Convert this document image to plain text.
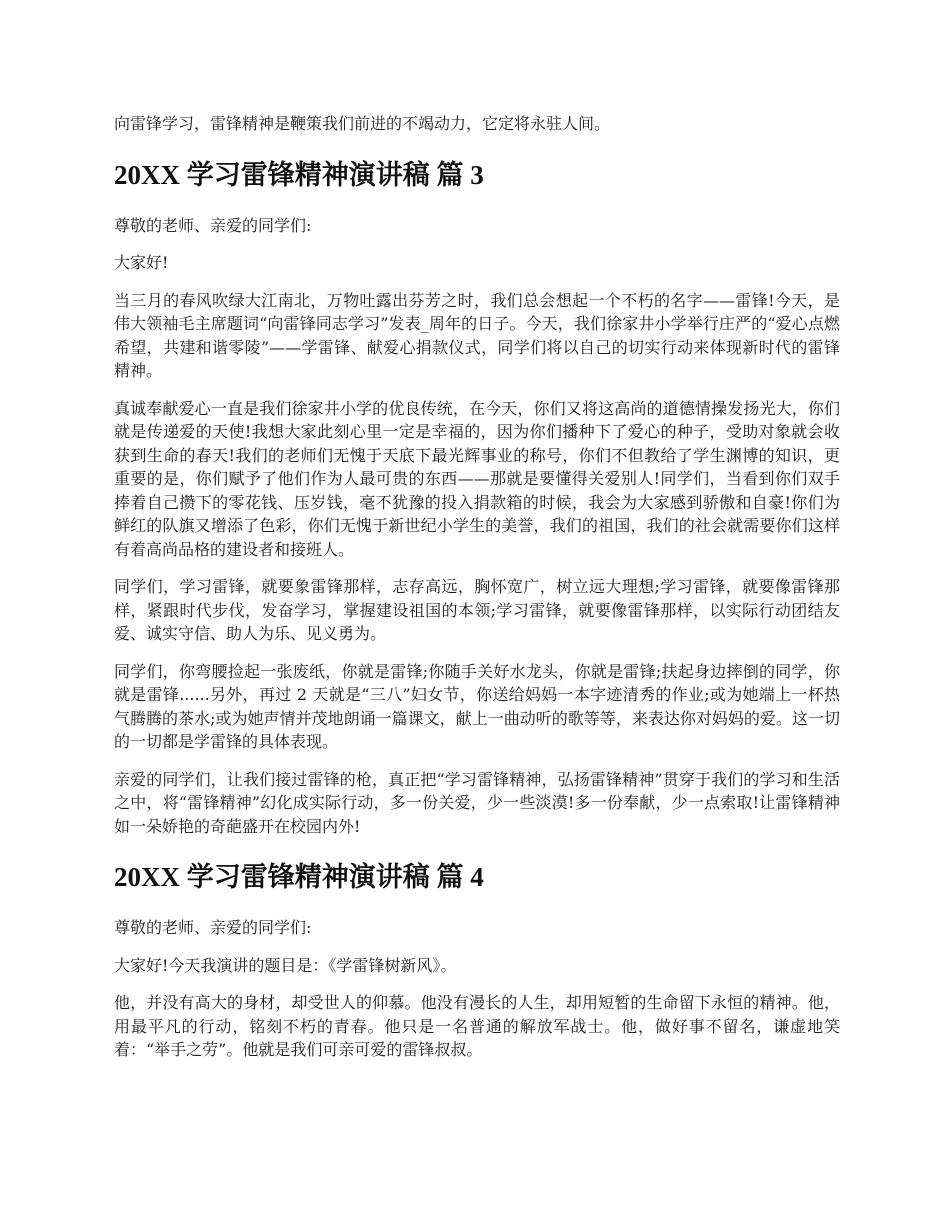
向雷锋学习，雷锋精神是鞭策我们前进的不竭动力，它定将永驻人间。

20XX 学习雷锋精神演讲稿 篇 3

尊敬的老师、亲爱的同学们:

大家好!

当三月的春风吹绿大江南北，万物吐露出芬芳之时，我们总会想起一个不朽的名字——雷锋!今天，是伟大领袖毛主席题词“向雷锋同志学习”发表_周年的日子。今天，我们徐家井小学举行庄严的“爱心点燃希望，共建和谐零陵”——学雷锋、献爱心捐款仪式，同学们将以自己的切实行动来体现新时代的雷锋精神。

真诚奉献爱心一直是我们徐家井小学的优良传统，在今天，你们又将这高尚的道德情操发扬光大，你们就是传递爱的天使!我想大家此刻心里一定是幸福的，因为你们播种下了爱心的种子，受助对象就会收获到生命的春天!我们的老师们无愧于天底下最光辉事业的称号，你们不但教给了学生渊博的知识，更重要的是，你们赋予了他们作为人最可贵的东西——那就是要懂得关爱别人!同学们，当看到你们双手捧着自己攒下的零花钱、压岁钱，毫不犹豫的投入捐款箱的时候，我会为大家感到骄傲和自豪!你们为鲜红的队旗又增添了色彩，你们无愧于新世纪小学生的美誉，我们的祖国，我们的社会就需要你们这样有着高尚品格的建设者和接班人。

同学们，学习雷锋，就要象雷锋那样，志存高远，胸怀宽广，树立远大理想;学习雷锋，就要像雷锋那样，紧跟时代步伐，发奋学习，掌握建设祖国的本领;学习雷锋，就要像雷锋那样，以实际行动团结友爱、诚实守信、助人为乐、见义勇为。

同学们，你弯腰捡起一张废纸，你就是雷锋;你随手关好水龙头，你就是雷锋;扶起身边摔倒的同学，你就是雷锋......另外，再过 2 天就是“三八”妇女节，你送给妈妈一本字迹清秀的作业;或为她端上一杯热气腾腾的茶水;或为她声情并茂地朗诵一篇课文，献上一曲动听的歌等等，来表达你对妈妈的爱。这一切的一切都是学雷锋的具体表现。

亲爱的同学们，让我们接过雷锋的枪，真正把“学习雷锋精神，弘扬雷锋精神”贯穿于我们的学习和生活之中，将“雷锋精神”幻化成实际行动，多一份关爱，少一些淡漠!多一份奉献，少一点索取!让雷锋精神如一朵娇艳的奇葩盛开在校园内外!

20XX 学习雷锋精神演讲稿 篇 4

尊敬的老师、亲爱的同学们:

大家好!今天我演讲的题目是：《学雷锋树新风》。

他，并没有高大的身材，却受世人的仰慕。他没有漫长的人生，却用短暂的生命留下永恒的精神。他，用最平凡的行动，铭刻不朽的青春。他只是一名普通的解放军战士。他，做好事不留名，谦虚地笑着：“举手之劳”。他就是我们可亲可爱的雷锋叔叔。
